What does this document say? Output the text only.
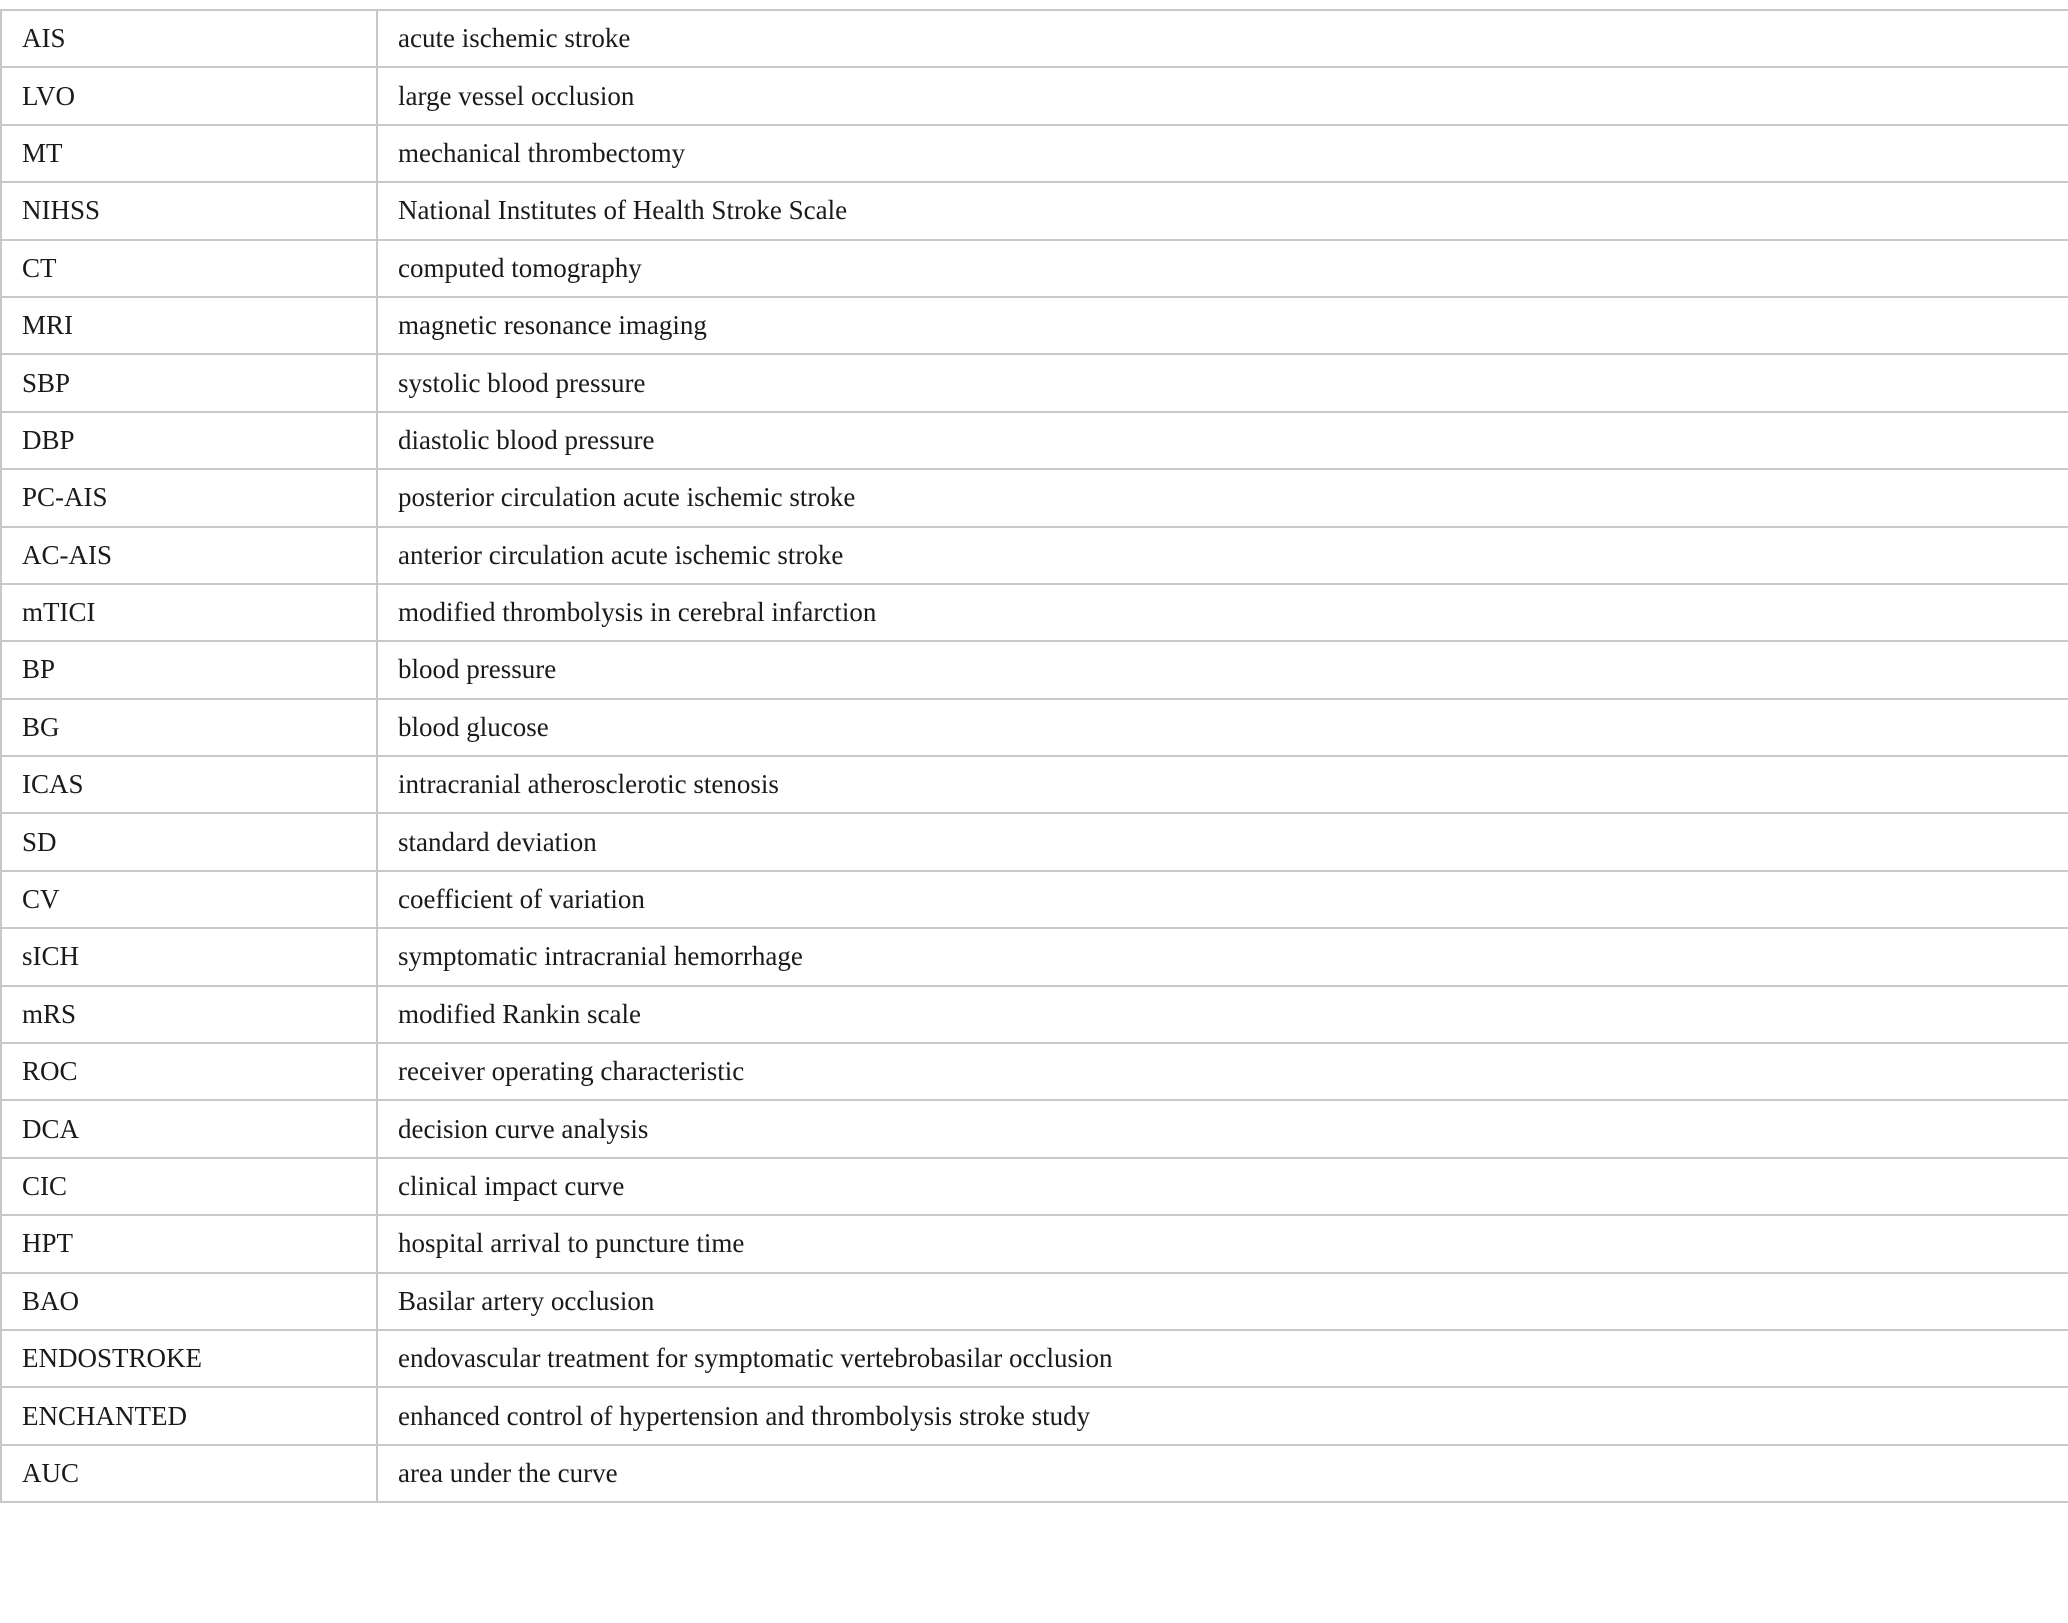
AIS	acute ischemic stroke
LVO	large vessel occlusion
MT	mechanical thrombectomy
NIHSS	National Institutes of Health Stroke Scale
CT	computed tomography
MRI	magnetic resonance imaging
SBP	systolic blood pressure
DBP	diastolic blood pressure
PC-AIS	posterior circulation acute ischemic stroke
AC-AIS	anterior circulation acute ischemic stroke
mTICI	modified thrombolysis in cerebral infarction
BP	blood pressure
BG	blood glucose
ICAS	intracranial atherosclerotic stenosis
SD	standard deviation
CV	coefficient of variation
sICH	symptomatic intracranial hemorrhage
mRS	modified Rankin scale
ROC	receiver operating characteristic
DCA	decision curve analysis
CIC	clinical impact curve
HPT	hospital arrival to puncture time
BAO	Basilar artery occlusion
ENDOSTROKE	endovascular treatment for symptomatic vertebrobasilar occlusion
ENCHANTED	enhanced control of hypertension and thrombolysis stroke study
AUC	area under the curve
